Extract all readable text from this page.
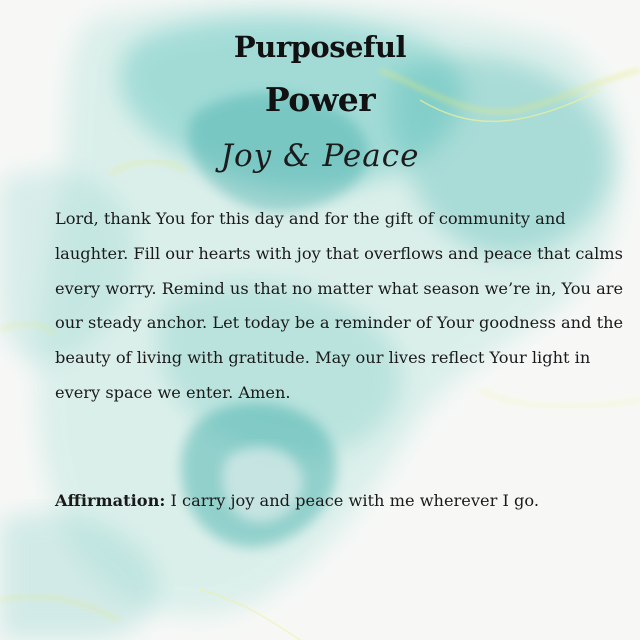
Purposeful
Power
Joy & Peace

Lord, thank You for this day and for the gift of community and laughter. Fill our hearts with joy that overflows and peace that calms every worry. Remind us that no matter what season we’re in, You are our steady anchor. Let today be a reminder of Your goodness and the beauty of living with gratitude. May our lives reflect Your light in every space we enter. Amen.

Affirmation: I carry joy and peace with me wherever I go.
